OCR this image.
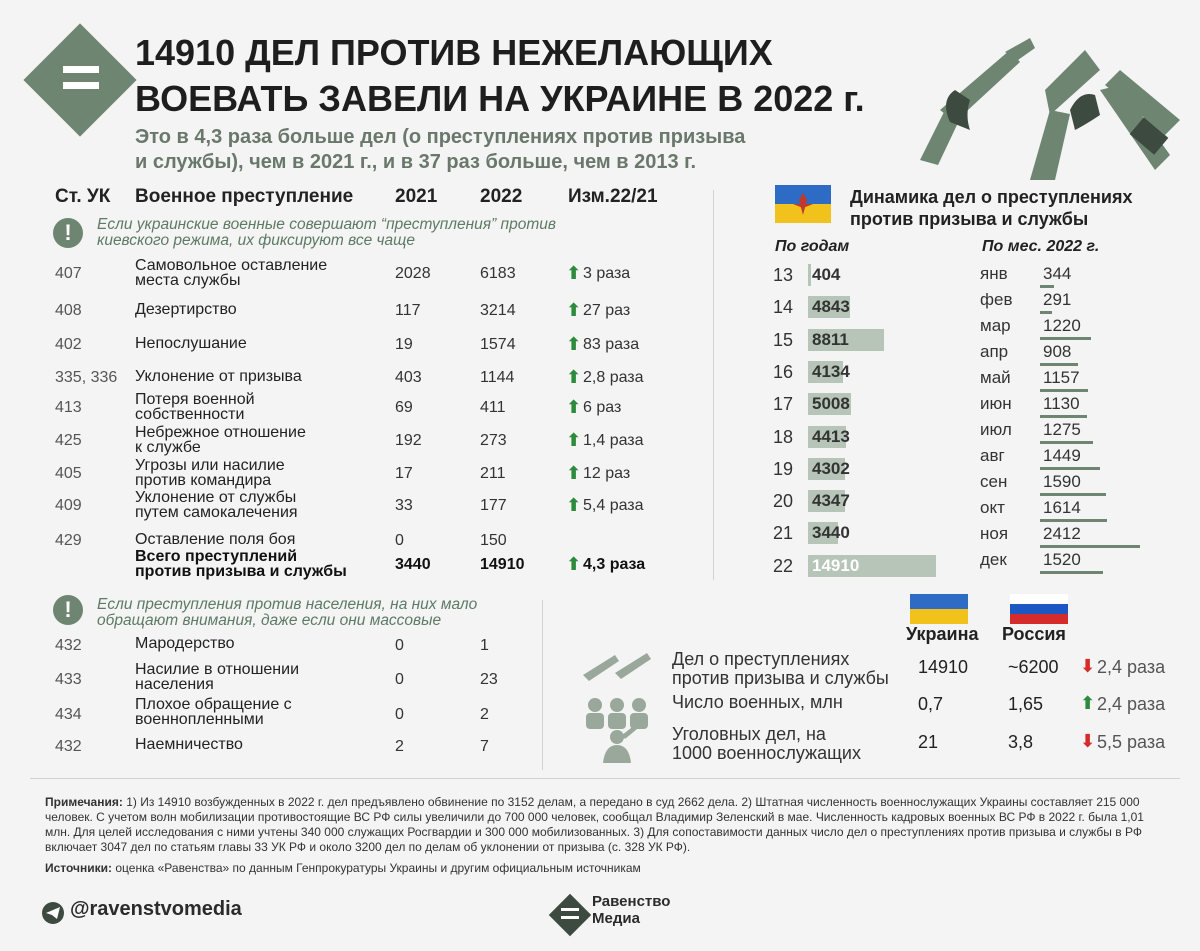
14910 ДЕЛ ПРОТИВ НЕЖЕЛАЮЩИХ
ВОЕВАТЬ ЗАВЕЛИ НА УКРАИНЕ В 2022 г.
Это в 4,3 раза больше дел (о преступлениях против призыва
и службы), чем в 2021 г., и в 37 раз больше, чем в 2013 г.
Ст. УК Военное преступление 2021 2022 Изм.22/21
!	Если украинские военные совершают “преступления” против
киевского режима, их фиксируют все чаще
!	Если преступления против населения, на них мало
обращают внимания, даже если они массовые
Динамика дел о преступлениях против призыва и службы
По годам	По мес. 2022 г.
Украина Россия
Примечания: 1) Из 14910 возбужденных в 2022 г. дел предъявлено обвинение по 3152 делам, а передано в суд 2662 дела. 2) Штатная численность военнослужащих Украины составляет 215 000 человек. С учетом волн мобилизации противостоящие ВС РФ силы увеличили до 700 000 человек, сообщал Владимир Зеленский в мае. Численность кадровых военных ВС РФ в 2022 г. была 1,01 млн. Для целей исследования с ними учтены 340 000 служащих Росгвардии и 300 000 мобилизованных. 3) Для сопоставимости данных число дел о преступлениях против призыва и службы в РФ включает 3047 дел по статьям главы 33 УК РФ и около 3200 дел по делам об уклонении от призыва (с. 328 УК РФ).
Источники: оценка «Равенства» по данным Генпрокуратуры Украины и другим официальным источникам
@ravenstvomedia	Равенство
Медиа
407	Самовольное оставление
места службы	2028	6183	⬆ 3 раза
408	Дезертирство	117	3214	⬆ 27 раз
402	Непослушание	19	1574	⬆ 83 раза
335, 336 Уклонение от призыва	403	1144	⬆ 2,8 раза
413	Потеря военной
собственности	69	411	⬆ 6 раз
425	Небрежное отношение
к службе	192	273	⬆ 1,4 раза
405	Угрозы или насилие
против командира	17	211	⬆ 12 раз
409	Уклонение от службы
путем самокалечения	33	177	⬆ 5,4 раза
429	Оставление поля боя	0	150
Всего преступлений
против призыва и службы	3440	14910 ⬆ 4,3 раза
432	Мародерство	0	1
433
Насилие в отношении
населения	0	23
434
Плохое обращение с
военнопленными	0	2
432	Наемничество	2	7
13 404
14 4843
15 8811
16 4134
17 5008
18 4413
19 4302
20 4347
21 3440
22 14910
янв 344
фев 291
мар 1220
апр 908
май 1157
июн 1130
июл 1275
авг 1449
сен 1590
окт 1614
ноя 2412
дек 1520
Дел о преступлениях
против призыва и службы
14910 ~6200 ⬇ 2,4 раза
Число военных, млн	0,7	1,65 ⬆ 2,4 раза
Уголовных дел, на
1000 военнослужащих
21	3,8	⬇ 5,5 раза
